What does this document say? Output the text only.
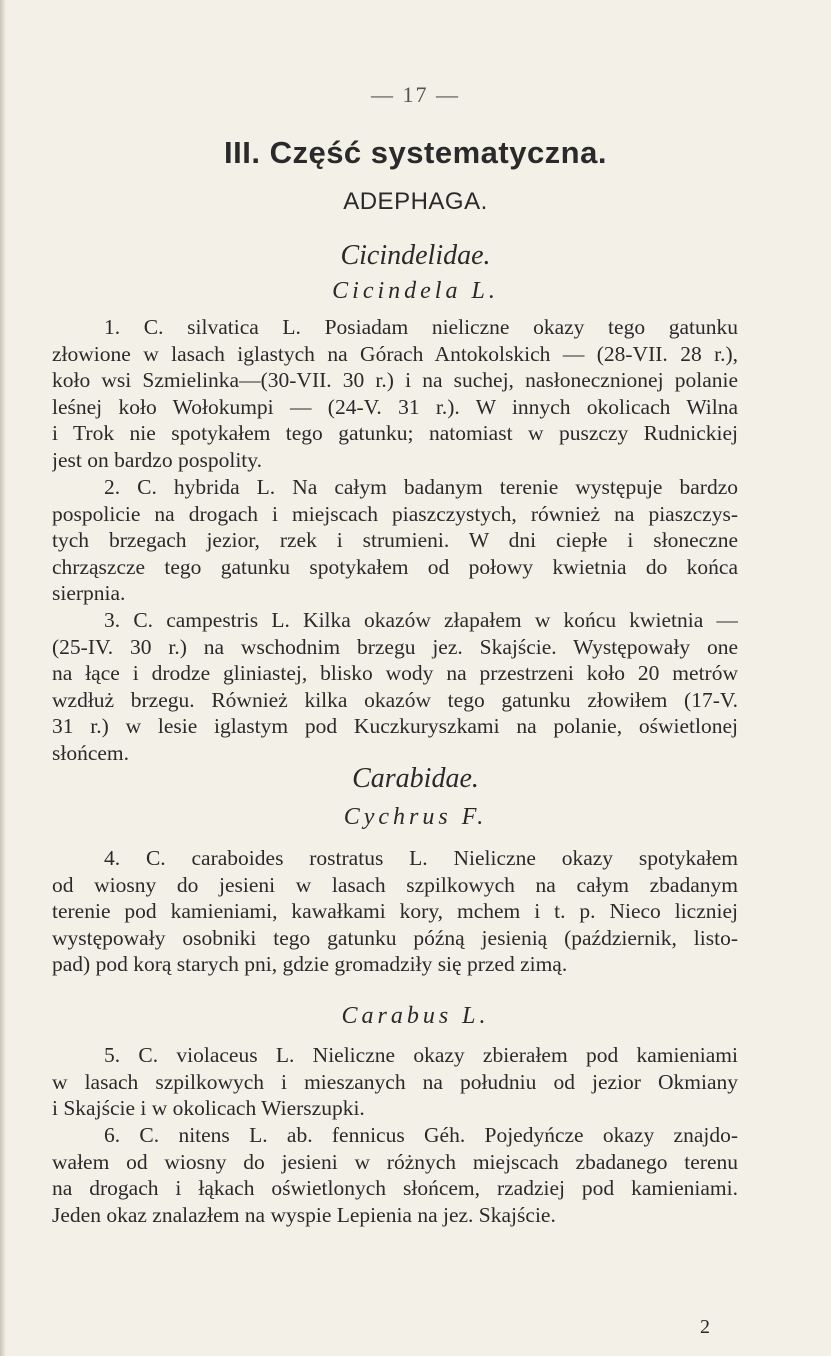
— 17 —
III. Część systematyczna.
ADEPHAGA.
Cicindelidae.
Cicindela L.
1. C. silvatica L. Posiadam nieliczne okazy tego gatunku
złowione w lasach iglastych na Górach Antokolskich — (28-VII. 28 r.),
koło wsi Szmielinka—(30-VII. 30 r.) i na suchej, nasłonecznionej polanie
leśnej koło Wołokumpi — (24-V. 31 r.). W innych okolicach Wilna
i Trok nie spotykałem tego gatunku; natomiast w puszczy Rudnickiej
jest on bardzo pospolity.
2. C. hybrida L. Na całym badanym terenie występuje bardzo
pospolicie na drogach i miejscach piaszczystych, również na piaszczys-
tych brzegach jezior, rzek i strumieni. W dni ciepłe i słoneczne
chrząszcze tego gatunku spotykałem od połowy kwietnia do końca
sierpnia.
3. C. campestris L. Kilka okazów złapałem w końcu kwietnia —
(25-IV. 30 r.) na wschodnim brzegu jez. Skajście. Występowały one
na łące i drodze gliniastej, blisko wody na przestrzeni koło 20 metrów
wzdłuż brzegu. Również kilka okazów tego gatunku złowiłem (17-V.
31 r.) w lesie iglastym pod Kuczkuryszkami na polanie, oświetlonej
słońcem.
Carabidae.
Cychrus F.
4. C. caraboides rostratus L. Nieliczne okazy spotykałem
od wiosny do jesieni w lasach szpilkowych na całym zbadanym
terenie pod kamieniami, kawałkami kory, mchem i t. p. Nieco liczniej
występowały osobniki tego gatunku późną jesienią (październik, listo-
pad) pod korą starych pni, gdzie gromadziły się przed zimą.
Carabus L.
5. C. violaceus L. Nieliczne okazy zbierałem pod kamieniami
w lasach szpilkowych i mieszanych na południu od jezior Okmiany
i Skajście i w okolicach Wierszupki.
6. C. nitens L. ab. fennicus Géh. Pojedyńcze okazy znajdo-
wałem od wiosny do jesieni w różnych miejscach zbadanego terenu
na drogach i łąkach oświetlonych słońcem, rzadziej pod kamieniami.
Jeden okaz znalazłem na wyspie Lepienia na jez. Skajście.
2
